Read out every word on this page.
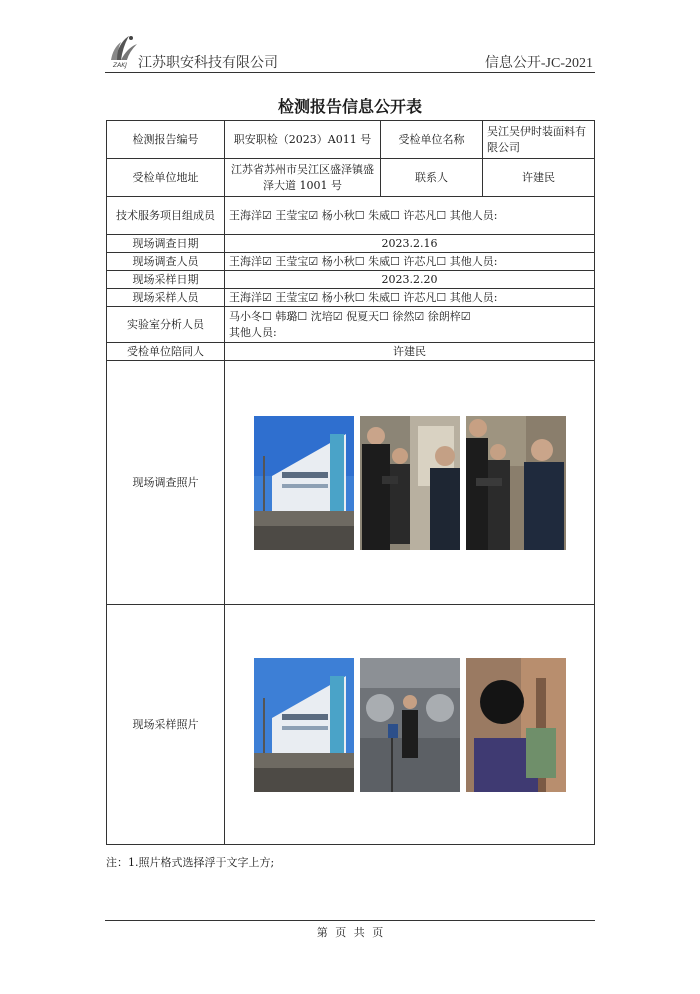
ZAKJ 江苏职安科技有限公司	信息公开-JC-2021
检测报告信息公开表
检测报告编号	职安职检（2023）A011 号	受检单位名称	吴江吴伊时装面料有限公司
受检单位地址	江苏省苏州市吴江区盛泽镇盛泽大道 1001 号	联系人	许建民
技术服务项目组成员	王海洋☑ 王莹宝☑ 杨小秋☐ 朱威☐ 许芯凡☐ 其他人员:		
现场调查日期	2023.2.16		
现场调查人员	王海洋☑ 王莹宝☑ 杨小秋☐ 朱威☐ 许芯凡☐ 其他人员:		
现场采样日期	2023.2.20		
现场采样人员	王海洋☑ 王莹宝☑ 杨小秋☐ 朱威☐ 许芯凡☐ 其他人员:		
实验室分析人员	马小冬☐ 韩璐☐ 沈培☑ 倪夏天☐ 徐然☑ 徐朗梓☑
其他人员:		

受检单位陪同人	许建民		
现场调查照片	

现场采样照片	
注：1.照片格式选择浮于文字上方;
第 页 共 页
